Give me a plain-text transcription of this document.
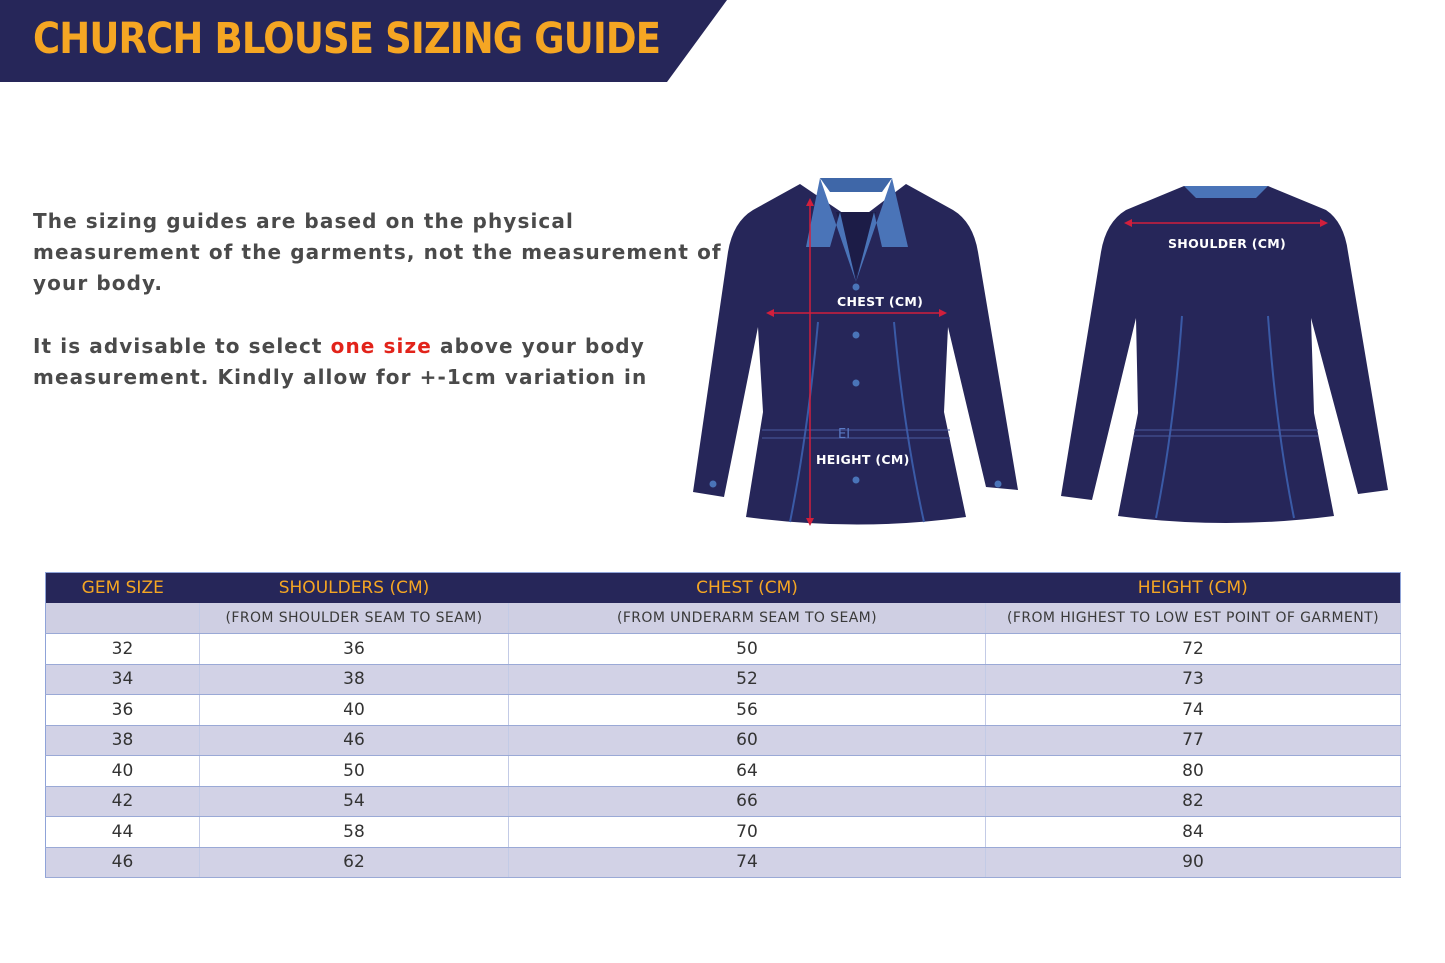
CHURCH BLOUSE SIZING GUIDE

The sizing guides are based on the physical measurement of the garments, not the measurement of your body.

It is advisable to select one size above your body measurement. Kindly allow for +-1cm variation in

EI
CHEST (CM)
HEIGHT (CM)
SHOULDER (CM)
GEM SIZE	SHOULDERS (CM)	CHEST (CM)	HEIGHT (CM)
	(FROM SHOULDER SEAM TO SEAM)	(FROM UNDERARM SEAM TO SEAM)	(FROM HIGHEST TO LOW EST POINT OF GARMENT)
32	36	50	72
34	38	52	73
36	40	56	74
38	46	60	77
40	50	64	80
42	54	66	82
44	58	70	84
46	62	74	90
